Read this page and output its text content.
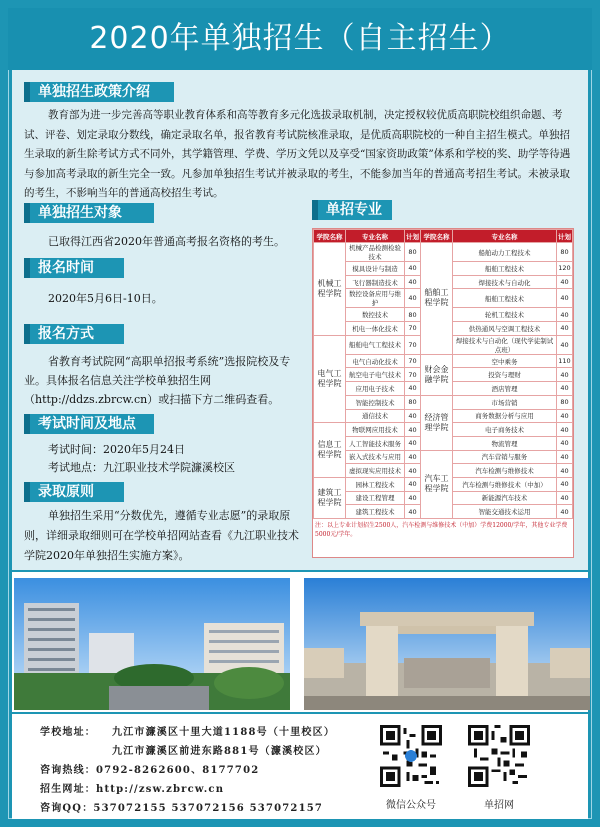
2020年单独招生（自主招生）
单独招生政策介绍
教育部为进一步完善高等职业教育体系和高等教育多元化选拔录取机制，决定授权较优质高职院校组织命题、考试、评卷、划定录取分数线，确定录取名单，报省教育考试院核准录取，是优质高职院校的一种自主招生模式。单独招生录取的新生除考试方式不同外，其学籍管理、学费、学历文凭以及享受“国家资助政策”体系和学校的奖、助学等待遇与参加高考录取的新生完全一致。凡参加单独招生考试并被录取的考生，不能参加当年的普通高考招生考试。未被录取的考生，不影响当年的普通高校招生考试。
单独招生对象
已取得江西省2020年普通高考报名资格的考生。
报名时间
2020年5月6日-10日。
报名方式
省教育考试院网“高职单招报考系统”选报院校及专业。具体报名信息关注学校单独招生网（http://ddzs.zbrcw.cn）或扫描下方二维码查看。
考试时间及地点
考试时间：2020年5月24日
考试地点：九江职业技术学院濂溪校区
录取原则
单独招生采用“分数优先，遵循专业志愿”的录取原则，详细录取细则可在学校单招网站查看《九江职业技术学院2020年单独招生实施方案》。
单招专业
学院名称	专业名称	计划	学院名称	专业名称	计划
机械工程学院	机械产品检测检验技术	80	船舶工程学院	船舶动力工程技术	80
	模具设计与制造	40		船舶工程技术	120
	飞行器制造技术	40		焊接技术与自动化	40
	数控设备应用与维护	40		船舶工程技术	40
	数控技术	80		轮机工程技术	40
	机电一体化技术	70		供热通风与空调工程技术	40
电气工程学院	船舶电气工程技术	70		焊接技术与自动化（现代学徒制试点班）	40
	电气自动化技术	70	财会金融学院	空中乘务	110
	航空电子电气技术	70		投资与理财	40
	应用电子技术	40		酒店管理	40
	智能控制技术	80	经济管理学院	市场营销	80
	通信技术	40		商务数据分析与应用	40
信息工程学院	物联网应用技术	40		电子商务技术	40
	人工智能技术服务	40		物流管理	40
	嵌入式技术与应用	40	汽车工程学院	汽车营销与服务	40
	虚拟现实应用技术	40		汽车检测与维修技术	40
建筑工程学院	园林工程技术	40		汽车检测与维修技术（中加）	40
	建设工程管理	40		新能源汽车技术	40
	建筑工程技术	40		智能交通技术运用	40
注：以上专业计划招生2500人，汽车检测与维修技术（中加）学费12000/学年，其他专业学费5000元/学年。
学校地址： 九江市濂溪区十里大道1188号（十里校区）
九江市濂溪区前进东路881号（濂溪校区）
咨询热线：0792-8262600、8177702
招生网址：http://zsw.zbrcw.cn
咨询QQ：537072155 537072156 537072157	微信公众号	单招网
